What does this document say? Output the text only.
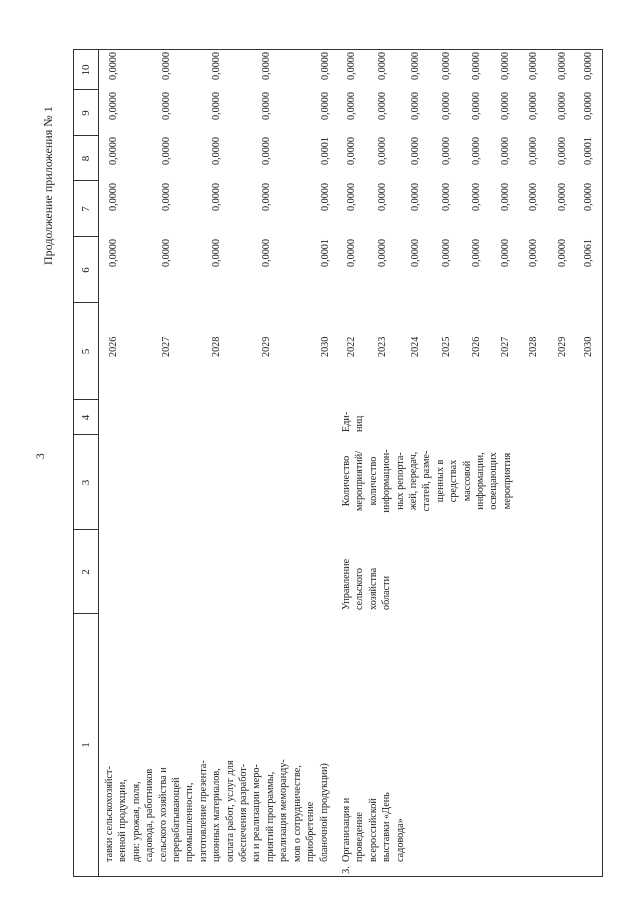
3
Продолжение приложения № 1
1
2
3
4
5
6
7
8
9
10
тавки сельскохозяйст- венной продукции, дни: урожая, поля, садовода, работников сельского хозяйства и перерабатывающей промышленности, изготовление презента- ционных материалов, оплата работ, услуг для обеспечения разработ- ки и реализации меро- приятий программы, реализация меморанду- мов о сотрудничестве, приобретение бланочной продукции)
2026
0,0000
0,0000
0,0000
0,0000
0,0000
2027
0,0000
0,0000
0,0000
0,0000
0,0000
2028
0,0000
0,0000
0,0000
0,0000
0,0000
2029
0,0000
0,0000
0,0000
0,0000
0,0000
2030
0,0001
0,0000
0,0001
0,0000
0,0000
3.
Организация и проведение всероссийской выставки «День садовода»
Управление сельского хозяйства области
Количество мероприятий/ количество информацион- ных репорта- жей, передач, статей, разме- щенных в средствах массовой информации, освещающих мероприятия
Еди- ниц
2022
0,0000
0,0000
0,0000
0,0000
0,0000
2023
0,0000
0,0000
0,0000
0,0000
0,0000
2024
0,0000
0,0000
0,0000
0,0000
0,0000
2025
0,0000
0,0000
0,0000
0,0000
0,0000
2026
0,0000
0,0000
0,0000
0,0000
0,0000
2027
0,0000
0,0000
0,0000
0,0000
0,0000
2028
0,0000
0,0000
0,0000
0,0000
0,0000
2029
0,0000
0,0000
0,0000
0,0000
0,0000
2030
0,0061
0,0000
0,0001
0,0000
0,0000
